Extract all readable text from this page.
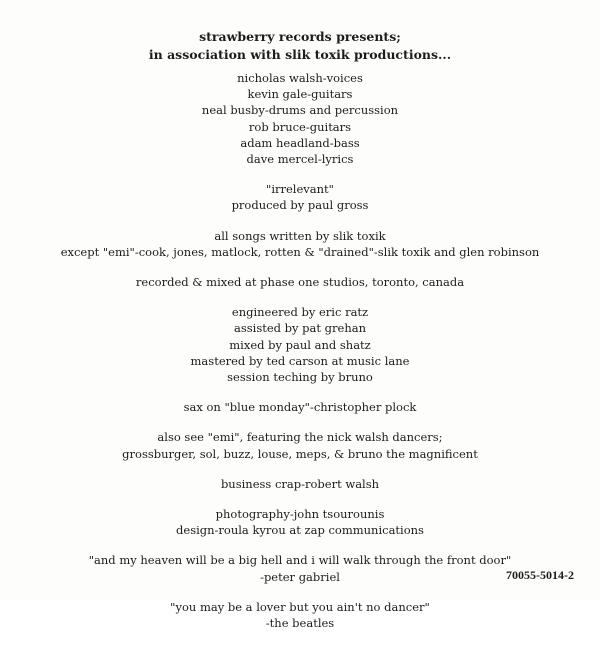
strawberry records presents;
in association with slik toxik productions...
nicholas walsh-voices
kevin gale-guitars
neal busby-drums and percussion
rob bruce-guitars
adam headland-bass
dave mercel-lyrics
"irrelevant"
produced by paul gross
all songs written by slik toxik
except "emi"-cook, jones, matlock, rotten & "drained"-slik toxik and glen robinson
recorded & mixed at phase one studios, toronto, canada
engineered by eric ratz
assisted by pat grehan
mixed by paul and shatz
mastered by ted carson at music lane
session teching by bruno
sax on "blue monday"-christopher plock
also see "emi", featuring the nick walsh dancers;
grossburger, sol, buzz, louse, meps, & bruno the magnificent
business crap-robert walsh
photography-john tsourounis
design-roula kyrou at zap communications
"and my heaven will be a big hell and i will walk through the front door"
-peter gabriel
"you may be a lover but you ain't no dancer"
-the beatles
70055-5014-2
